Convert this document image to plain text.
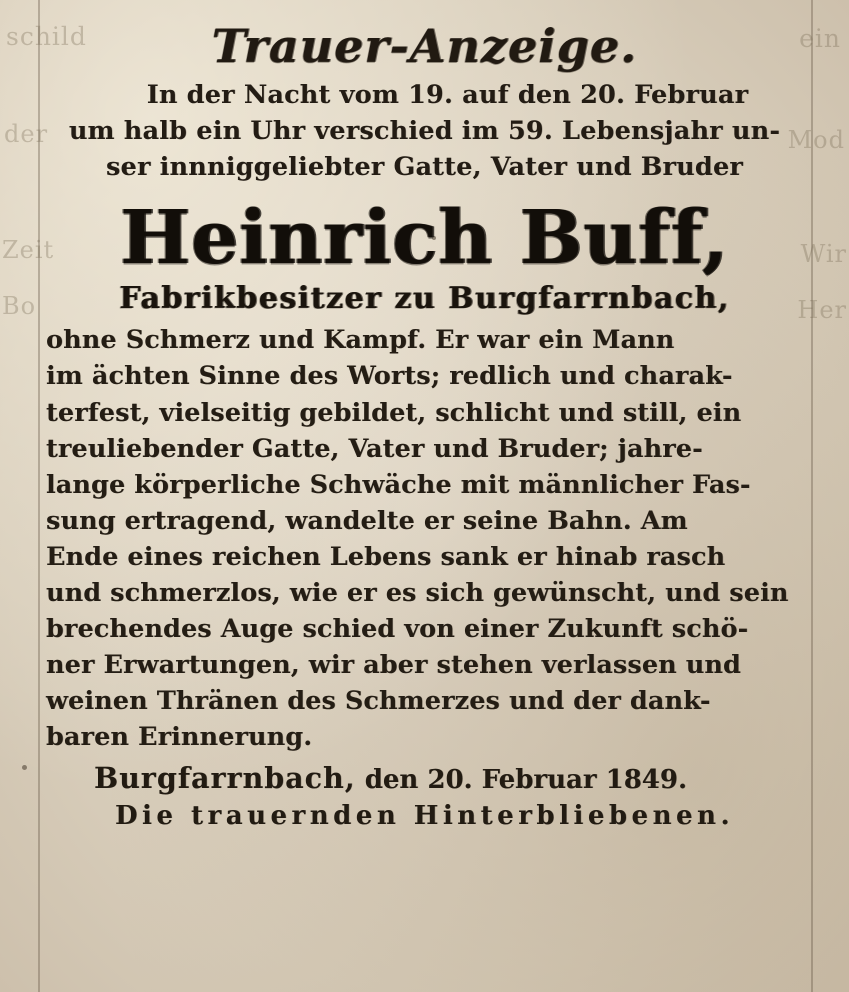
schild	ein
der	Mod
Zeit	Wir
Bo	Her
Trauer-Anzeige.
In der Nacht vom 19. auf den 20. Februar
um halb ein Uhr verschied im 59. Lebensjahr un-
ser innniggeliebter Gatte, Vater und Bruder
Heinrich Buff,
Fabrikbesitzer zu Burgfarrnbach,
ohne Schmerz und Kampf. Er war ein Mann
im ächten Sinne des Worts; redlich und charak-
terfest, vielseitig gebildet, schlicht und still, ein
treuliebender Gatte, Vater und Bruder; jahre-
lange körperliche Schwäche mit männlicher Fas-
sung ertragend, wandelte er seine Bahn. Am
Ende eines reichen Lebens sank er hinab rasch
und schmerzlos, wie er es sich gewünscht, und sein
brechendes Auge schied von einer Zukunft schö-
ner Erwartungen, wir aber stehen verlassen und
weinen Thränen des Schmerzes und der dank-
baren Erinnerung.
Burgfarrnbach, den 20. Februar 1849.
Die trauernden Hinterbliebenen.
